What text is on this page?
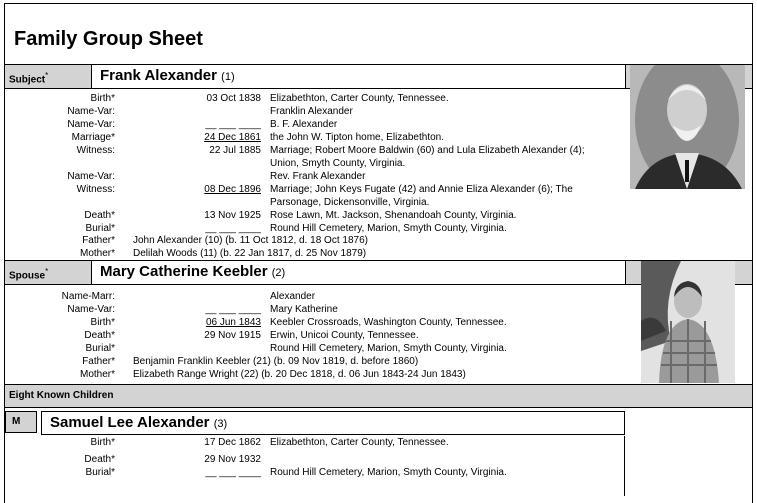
Family Group Sheet
Subject*	Frank Alexander (1)
Birth*	03 Oct 1838 Elizabethton, Carter County, Tennessee.
Name-Var:	Franklin Alexander
Name-Var:	__ ___ ____ B. F. Alexander
Marriage*	24 Dec 1861 the John W. Tipton home, Elizabethton.
Witness:	22 Jul 1885 Marriage; Robert Moore Baldwin (60) and Lula Elizabeth Alexander (4);
Union, Smyth County, Virginia.
Name-Var:	Rev. Frank Alexander
Witness:	08 Dec 1896 Marriage; John Keys Fugate (42) and Annie Eliza Alexander (6); The
Parsonage, Dickensonville, Virginia.
Death*	13 Nov 1925 Rose Lawn, Mt. Jackson, Shenandoah County, Virginia.
Burial*	__ ___ ____ Round Hill Cemetery, Marion, Smyth County, Virginia.
Father* John Alexander (10) (b. 11 Oct 1812, d. 18 Oct 1876)
Mother* Delilah Woods (11) (b. 22 Jan 1817, d. 25 Nov 1879)
Spouse*	Mary Catherine Keebler (2)
Name-Marr:	Alexander
Name-Var:	__ ___ ____ Mary Katherine
Birth*	06 Jun 1843 Keebler Crossroads, Washington County, Tennessee.
Death*	29 Nov 1915 Erwin, Unicoi County, Tennessee.
Burial*	Round Hill Cemetery, Marion, Smyth County, Virginia.
Father* Benjamin Franklin Keebler (21) (b. 09 Nov 1819, d. before 1860)
Mother* Elizabeth Range Wright (22) (b. 20 Dec 1818, d. 06 Jun 1843-24 Jun 1843)
Eight Known Children
M	Samuel Lee Alexander (3)
Birth*	17 Dec 1862 Elizabethton, Carter County, Tennessee.
Death*	29 Nov 1932
Burial*	__ ___ ____ Round Hill Cemetery, Marion, Smyth County, Virginia.
